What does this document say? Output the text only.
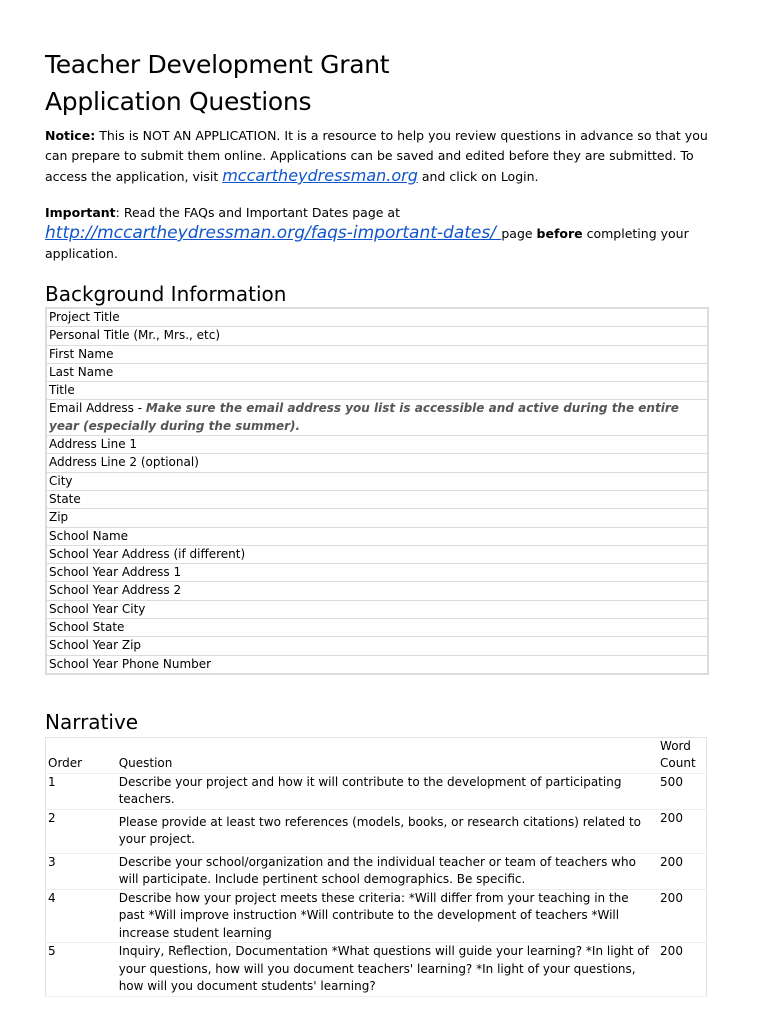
Teacher Development Grant
Application Questions

Notice: This is NOT AN APPLICATION. It is a resource to help you review questions in advance so that you can prepare to submit them online. Applications can be saved and edited before they are submitted. To access the application, visit mccartheydressman.org and click on Login.

Important: Read the FAQs and Important Dates page at
http://mccartheydressman.org/faqs-important-dates/ page before completing your application.

Background Information
Project Title
Personal Title (Mr., Mrs., etc)
First Name
Last Name
Title
Email Address - Make sure the email address you list is accessible and active during the entire year (especially during the summer).
Address Line 1
Address Line 2 (optional)
City
State
Zip
School Name
School Year Address (if different)
School Year Address 1
School Year Address 2
School Year City
School State
School Year Zip
School Year Phone Number
Narrative
Order	Question	Word Count
1	Describe your project and how it will contribute to the development of participating teachers.	500
2	Please provide at least two references (models, books, or research citations) related to your project.	200
3	Describe your school/organization and the individual teacher or team of teachers who will participate. Include pertinent school demographics. Be specific.	200
4	Describe how your project meets these criteria: *Will differ from your teaching in the past *Will improve instruction *Will contribute to the development of teachers *Will increase student learning	200
5	Inquiry, Reflection, Documentation *What questions will guide your learning? *In light of your questions, how will you document teachers' learning? *In light of your questions, how will you document students' learning?	200
